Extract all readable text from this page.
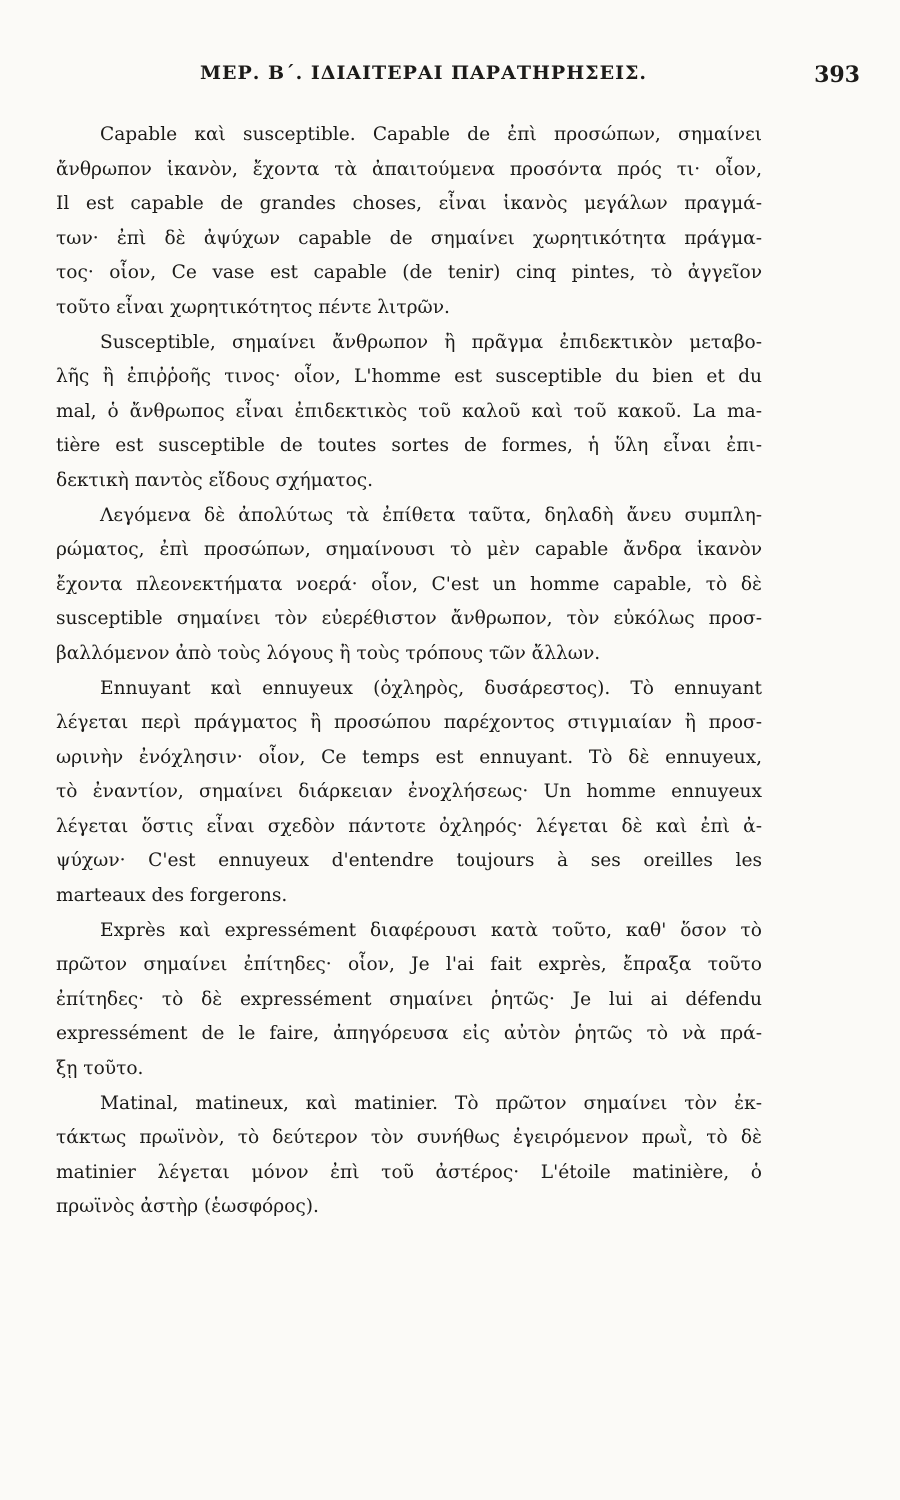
ΜΕΡ. Β΄. ΙΔΙΑΙΤΕΡΑΙ ΠΑΡΑΤΗΡΗΣΕΙΣ.	393
Capable καὶ susceptible. Capable de ἐπὶ προσώπων, σημαίνει
ἄνθρωπον ἱκανὸν, ἔχοντα τὰ ἀπαιτούμενα προσόντα πρός τι· οἷον,
Il est capable de grandes choses, εἶναι ἱκανὸς μεγάλων πραγμά-
των· ἐπὶ δὲ ἀψύχων capable de σημαίνει χωρητικότητα πράγμα-
τος· οἷον, Ce vase est capable (de tenir) cinq pintes, τὸ ἀγγεῖον
τοῦτο εἶναι χωρητικότητος πέντε λιτρῶν.
Susceptible, σημαίνει ἄνθρωπον ἢ πρᾶγμα ἐπιδεκτικὸν μεταβο-
λῆς ἢ ἐπιῤῥοῆς τινος· οἷον, L'homme est susceptible du bien et du
mal, ὁ ἄνθρωπος εἶναι ἐπιδεκτικὸς τοῦ καλοῦ καὶ τοῦ κακοῦ. La ma-
tière est susceptible de toutes sortes de formes, ἡ ὕλη εἶναι ἐπι-
δεκτικὴ παντὸς εἴδους σχήματος.
Λεγόμενα δὲ ἀπολύτως τὰ ἐπίθετα ταῦτα, δηλαδὴ ἄνευ συμπλη-
ρώματος, ἐπὶ προσώπων, σημαίνουσι τὸ μὲν capable ἄνδρα ἱκανὸν
ἔχοντα πλεονεκτήματα νοερά· οἷον, C'est un homme capable, τὸ δὲ
susceptible σημαίνει τὸν εὐερέθιστον ἄνθρωπον, τὸν εὐκόλως προσ-
βαλλόμενον ἀπὸ τοὺς λόγους ἢ τοὺς τρόπους τῶν ἄλλων.
Ennuyant καὶ ennuyeux (ὀχληρὸς, δυσάρεστος). Τὸ ennuyant
λέγεται περὶ πράγματος ἢ προσώπου παρέχοντος στιγμιαίαν ἢ προσ-
ωρινὴν ἐνόχλησιν· οἷον, Ce temps est ennuyant. Τὸ δὲ ennuyeux,
τὸ ἐναντίον, σημαίνει διάρκειαν ἐνοχλήσεως· Un homme ennuyeux
λέγεται ὅστις εἶναι σχεδὸν πάντοτε ὀχληρός· λέγεται δὲ καὶ ἐπὶ ἀ-
ψύχων· C'est ennuyeux d'entendre toujours à ses oreilles les
marteaux des forgerons.
Exprès καὶ expressément διαφέρουσι κατὰ τοῦτο, καθ' ὅσον τὸ
πρῶτον σημαίνει ἐπίτηδες· οἷον, Je l'ai fait exprès, ἔπραξα τοῦτο
ἐπίτηδες· τὸ δὲ expressément σημαίνει ῥητῶς· Je lui ai défendu
expressément de le faire, ἀπηγόρευσα εἰς αὐτὸν ῥητῶς τὸ νὰ πρά-
ξῃ τοῦτο.
Matinal, matineux, καὶ matinier. Τὸ πρῶτον σημαίνει τὸν ἐκ-
τάκτως πρωϊνὸν, τὸ δεύτερον τὸν συνήθως ἐγειρόμενον πρωῒ, τὸ δὲ
matinier λέγεται μόνον ἐπὶ τοῦ ἀστέρος· L'étoile matinière, ὁ
πρωϊνὸς ἀστὴρ (ἑωσφόρος).
